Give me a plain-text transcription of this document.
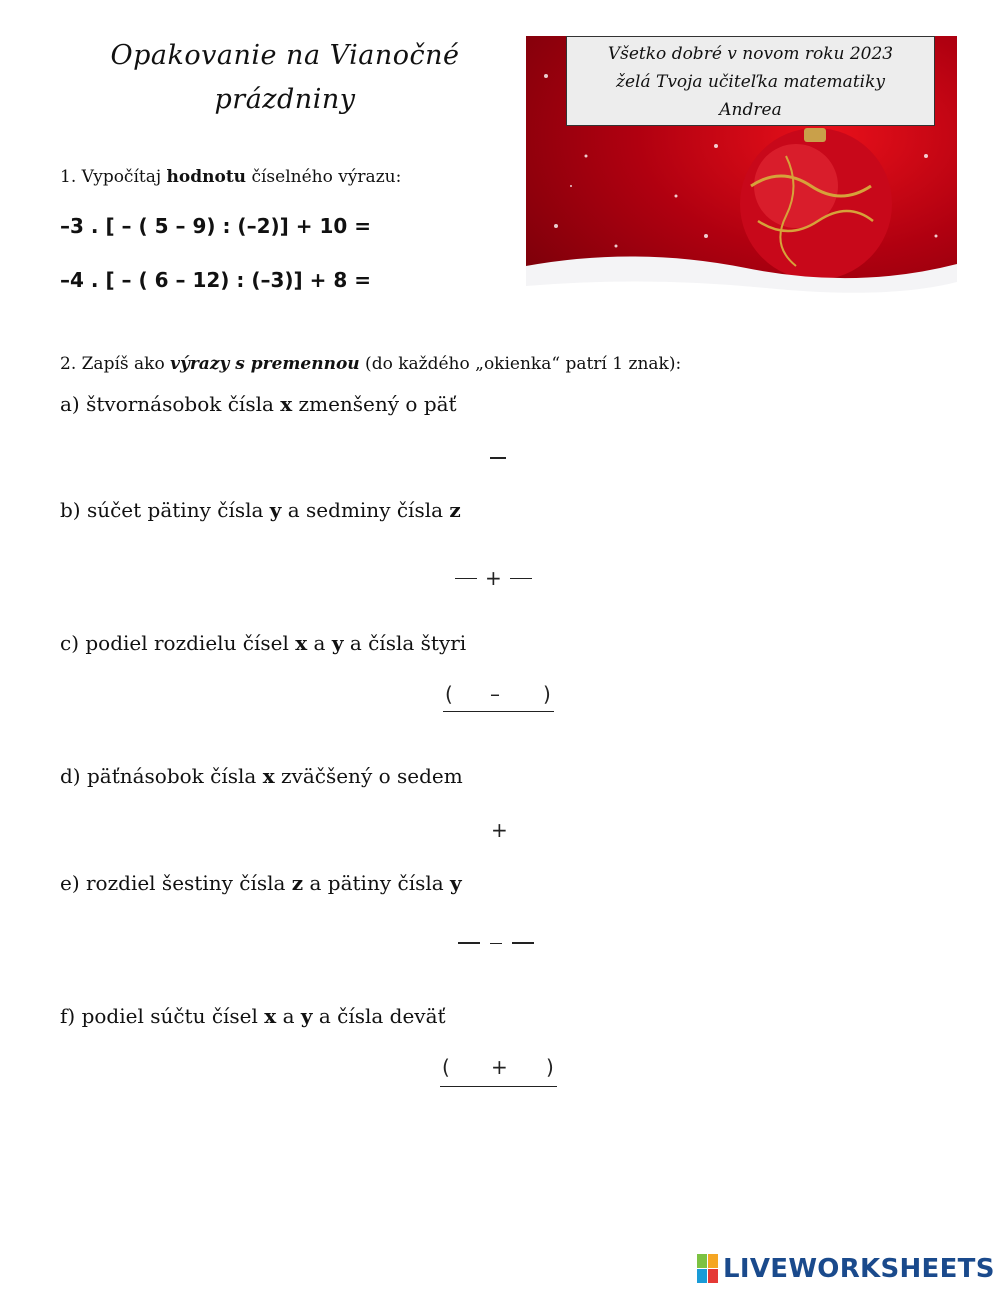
Opakovanie na Vianočné
prázdniny
Všetko dobré v novom roku 2023
želá Tvoja učiteľka matematiky
Andrea
1. Vypočítaj hodnotu číselného výrazu:
–3 . [ – ( 5 – 9) : (–2)] + 10 =
–4 . [ – ( 6 – 12) : (–3)] + 8 =
2. Zapíš ako výrazy s premennou (do každého „okienka“ patrí 1 znak):
a) štvornásobok čísla x zmenšený o päť
b) súčet pätiny čísla y a sedminy čísla z
+
c) podiel rozdielu čísel x a y a čísla štyri
( – )
d) päťnásobok čísla x zväčšený o sedem
+
e) rozdiel šestiny čísla z a pätiny čísla y
f) podiel súčtu čísel x a y a čísla deväť
( + )
LIVEWORKSHEETS
